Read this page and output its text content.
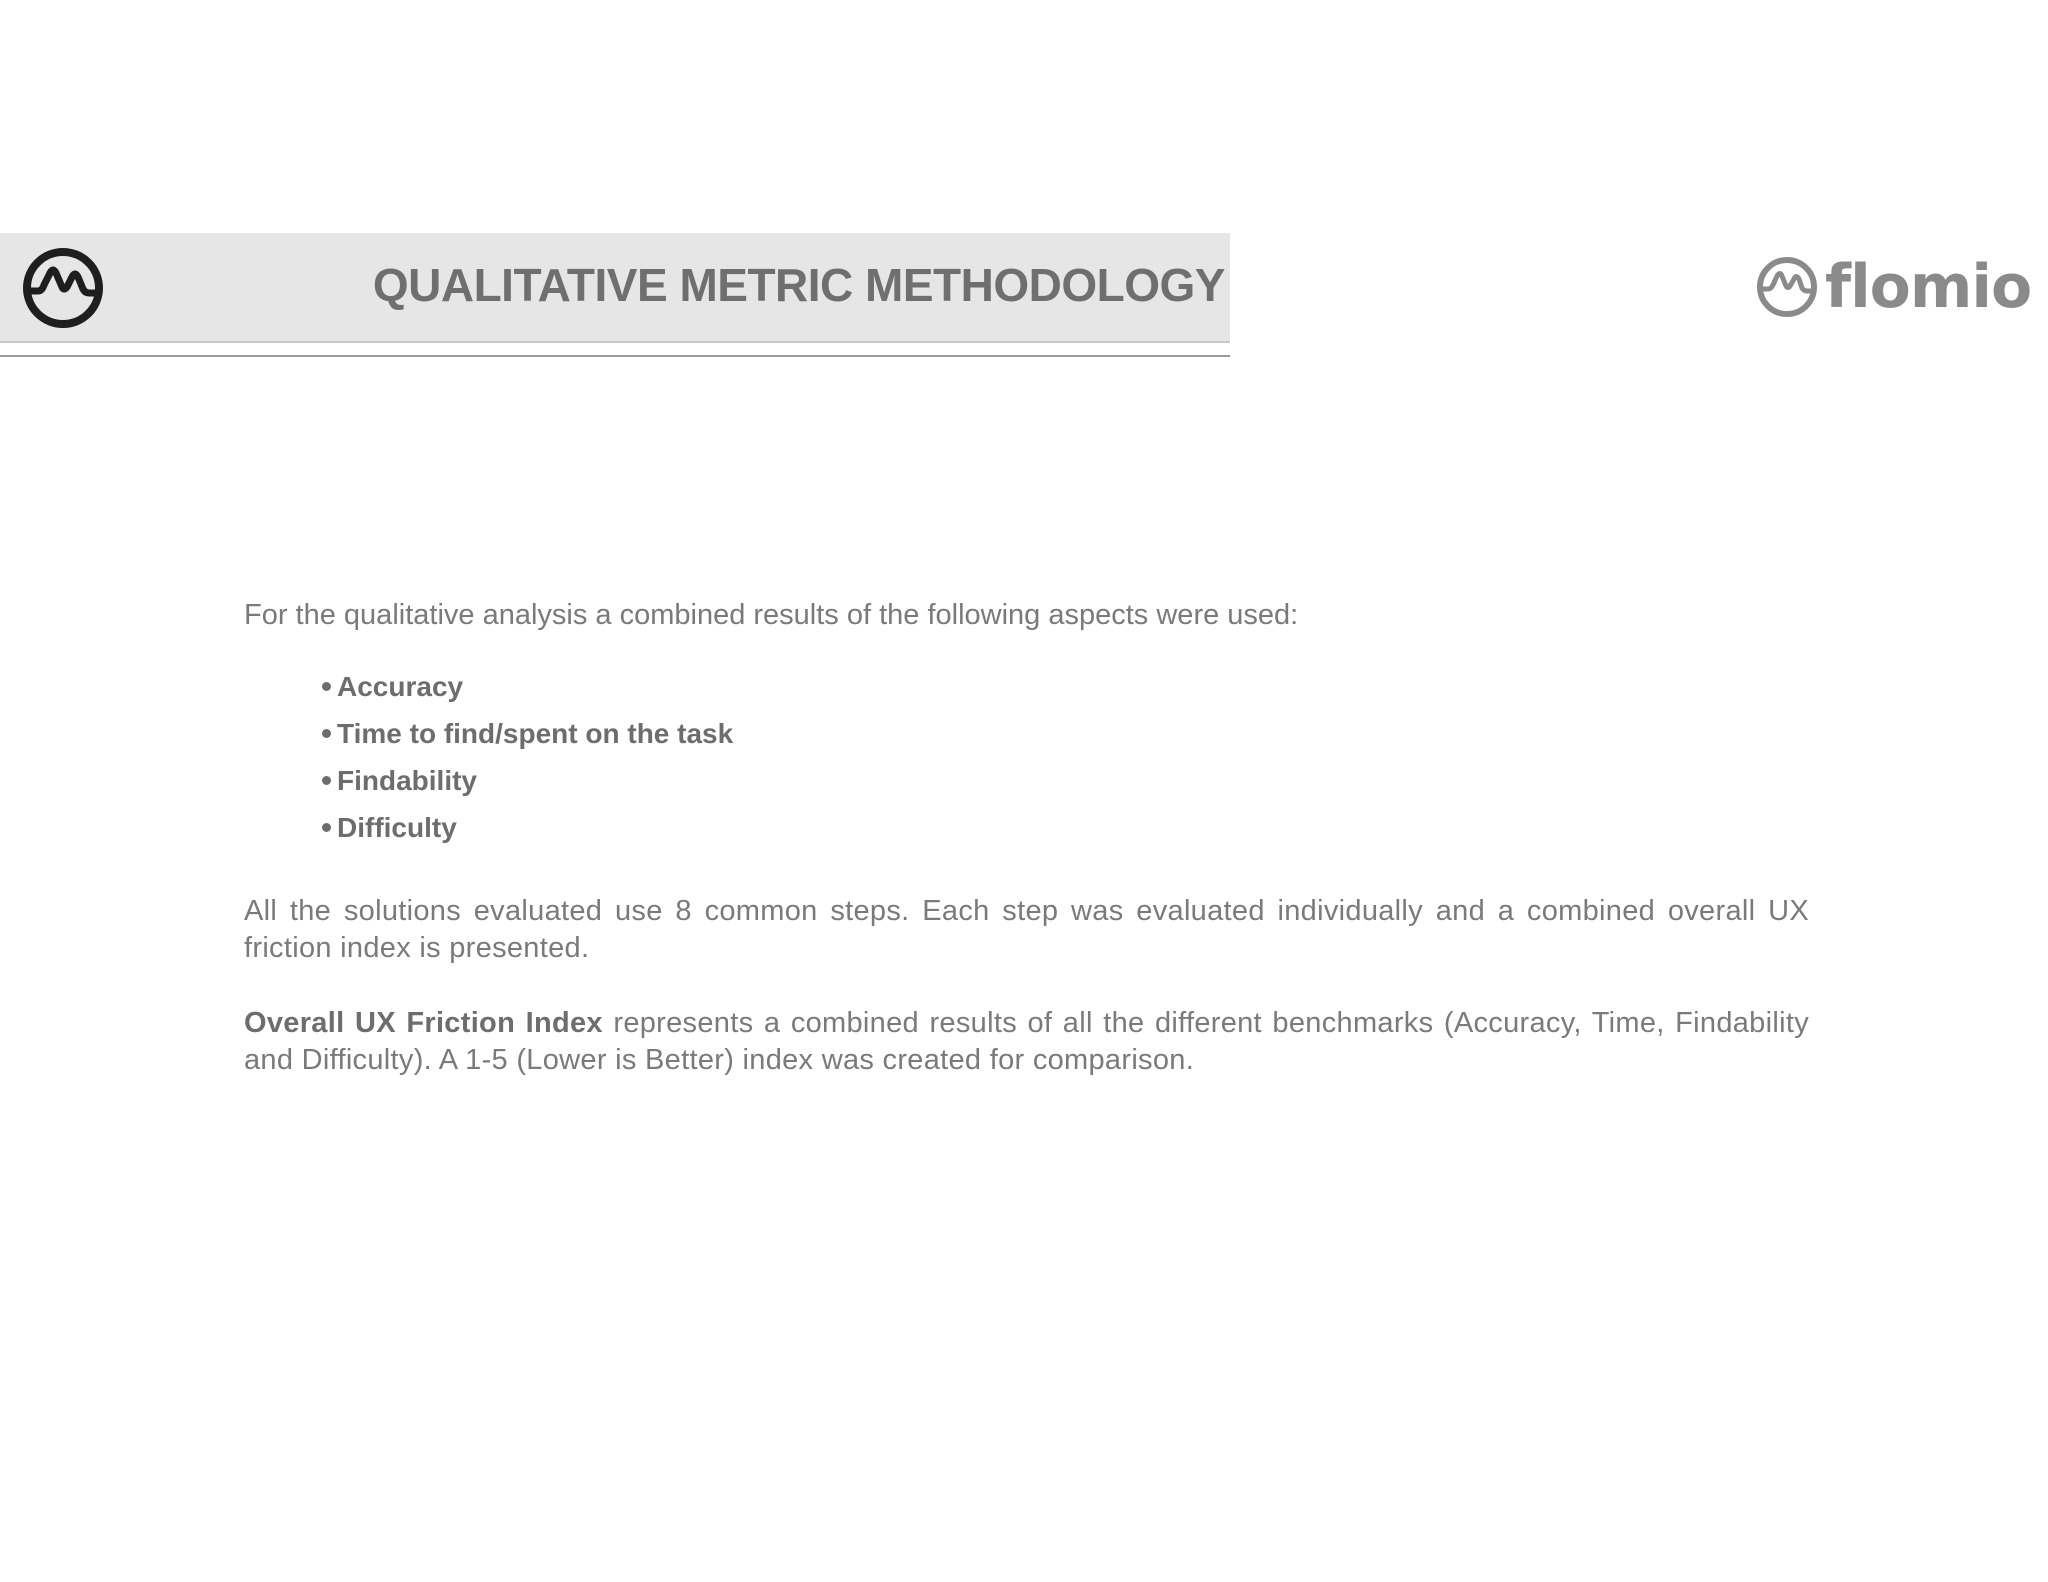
QUALITATIVE METRIC METHODOLOGY	flomio

For the qualitative analysis a combined results of the following aspects were used:

Accuracy
Time to find/spent on the task
Findability
Difficulty

All the solutions evaluated use 8 common steps. Each step was evaluated individually and a combined overall UX friction index is presented.

Overall UX Friction Index represents a combined results of all the different benchmarks (Accuracy, Time, Findability and Difficulty). A 1-5 (Lower is Better) index was created for comparison.
